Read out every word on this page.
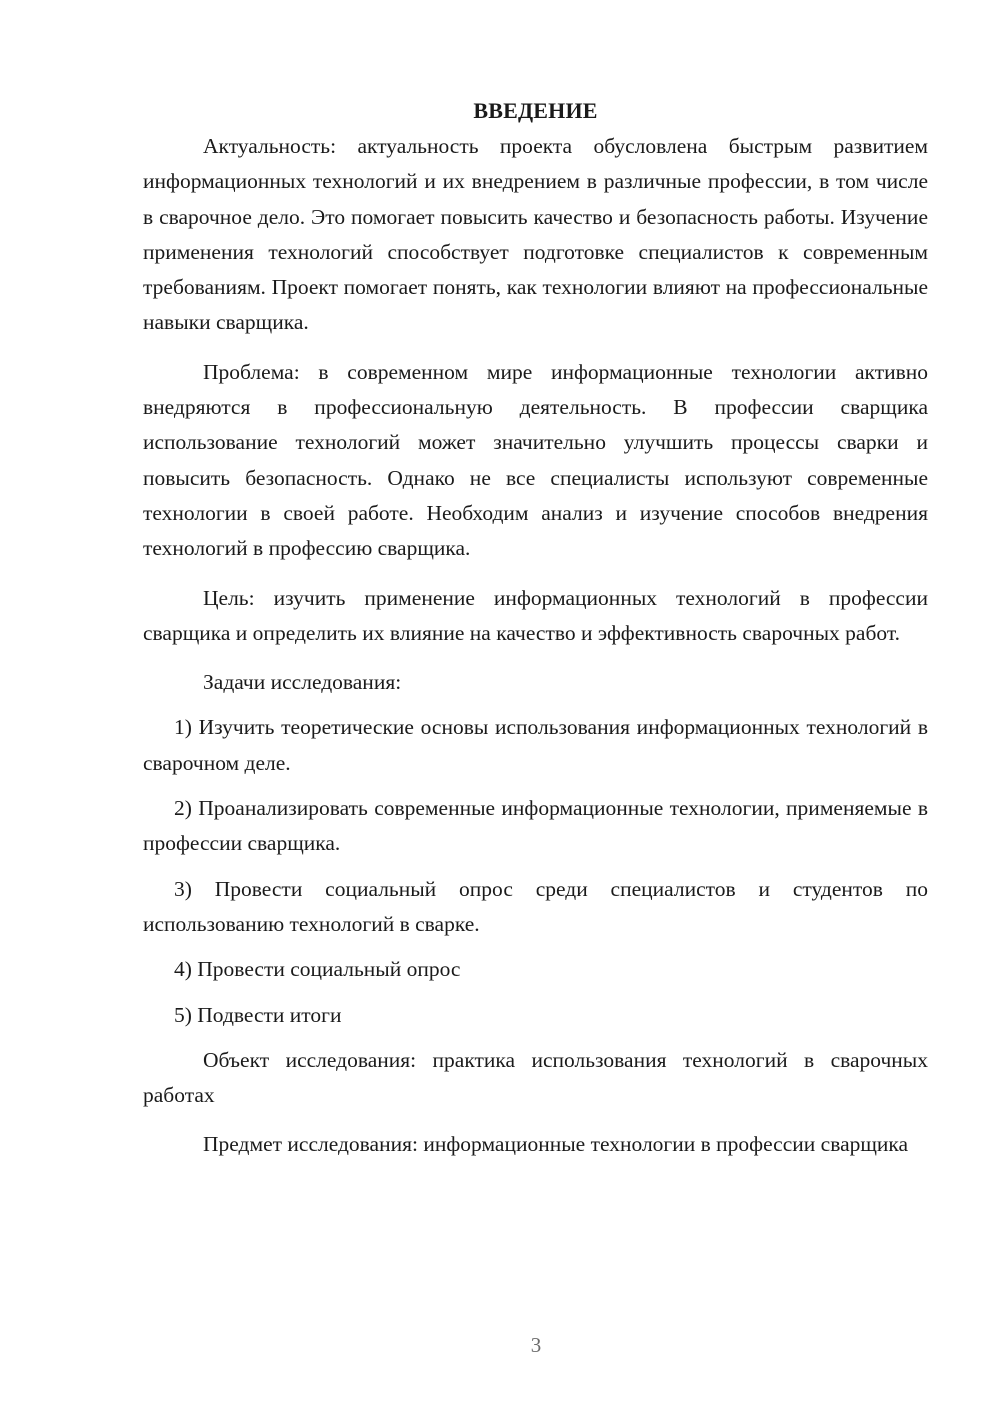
ВВЕДЕНИЕ

Актуальность: актуальность проекта обусловлена быстрым развитием информационных технологий и их внедрением в различные профессии, в том числе в сварочное дело. Это помогает повысить качество и безопасность работы. Изучение применения технологий способствует подготовке специалистов к современным требованиям. Проект помогает понять, как технологии влияют на профессиональные навыки сварщика.

Проблема: в современном мире информационные технологии активно внедряются в профессиональную деятельность. В профессии сварщика использование технологий может значительно улучшить процессы сварки и повысить безопасность. Однако не все специалисты используют современные технологии в своей работе. Необходим анализ и изучение способов внедрения технологий в профессию сварщика.

Цель: изучить применение информационных технологий в профессии сварщика и определить их влияние на качество и эффективность сварочных работ.

Задачи исследования:

1) Изучить теоретические основы использования информационных технологий в сварочном деле.

2) Проанализировать современные информационные технологии, применяемые в профессии сварщика.

3) Провести социальный опрос среди специалистов и студентов по использованию технологий в сварке.

4) Провести социальный опрос

5) Подвести итоги

Объект исследования: практика использования технологий в сварочных работах

Предмет исследования: информационные технологии в профессии сварщика

3
